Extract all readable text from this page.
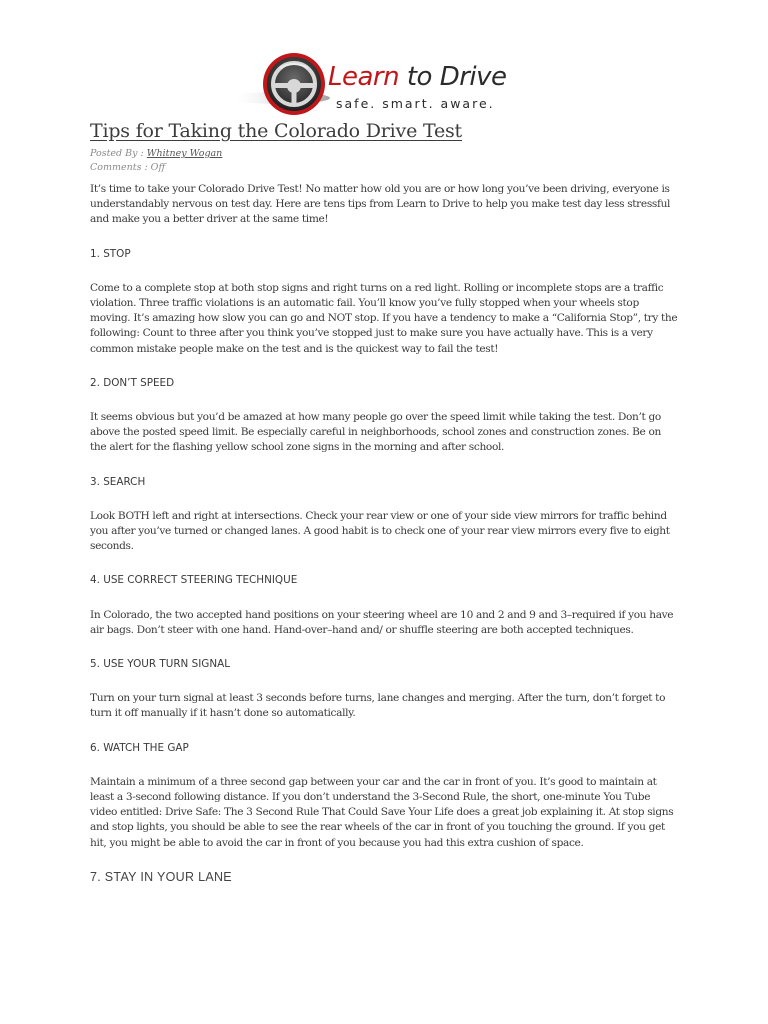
Learn to Drive
safe. smart. aware.
Tips for Taking the Colorado Drive Test
Posted By : Whitney Wogan
Comments : Off

It’s time to take your Colorado Drive Test! No matter how old you are or how long you’ve been driving, everyone is understandably nervous on test day. Here are tens tips from Learn to Drive to help you make test day less stressful and make you a better driver at the same time!

1. STOP

Come to a complete stop at both stop signs and right turns on a red light. Rolling or incomplete stops are a traffic violation. Three traffic violations is an automatic fail. You’ll know you’ve fully stopped when your wheels stop moving. It’s amazing how slow you can go and NOT stop. If you have a tendency to make a “California Stop”, try the following: Count to three after you think you’ve stopped just to make sure you have actually have. This is a very common mistake people make on the test and is the quickest way to fail the test!

2. DON’T SPEED

It seems obvious but you’d be amazed at how many people go over the speed limit while taking the test. Don’t go above the posted speed limit. Be especially careful in neighborhoods, school zones and construction zones. Be on the alert for the flashing yellow school zone signs in the morning and after school.

3. SEARCH

Look BOTH left and right at intersections. Check your rear view or one of your side view mirrors for traffic behind you after you’ve turned or changed lanes. A good habit is to check one of your rear view mirrors every five to eight seconds.

4. USE CORRECT STEERING TECHNIQUE

In Colorado, the two accepted hand positions on your steering wheel are 10 and 2 and 9 and 3–required if you have air bags. Don’t steer with one hand. Hand-over–hand and/ or shuffle steering are both accepted techniques.

5. USE YOUR TURN SIGNAL

Turn on your turn signal at least 3 seconds before turns, lane changes and merging. After the turn, don’t forget to turn it off manually if it hasn’t done so automatically.

6. WATCH THE GAP

Maintain a minimum of a three second gap between your car and the car in front of you. It’s good to maintain at least a 3-second following distance. If you don’t understand the 3-Second Rule, the short, one-minute You Tube video entitled: Drive Safe: The 3 Second Rule That Could Save Your Life does a great job explaining it. At stop signs and stop lights, you should be able to see the rear wheels of the car in front of you touching the ground. If you get hit, you might be able to avoid the car in front of you because you had this extra cushion of space.

7. STAY IN YOUR LANE
